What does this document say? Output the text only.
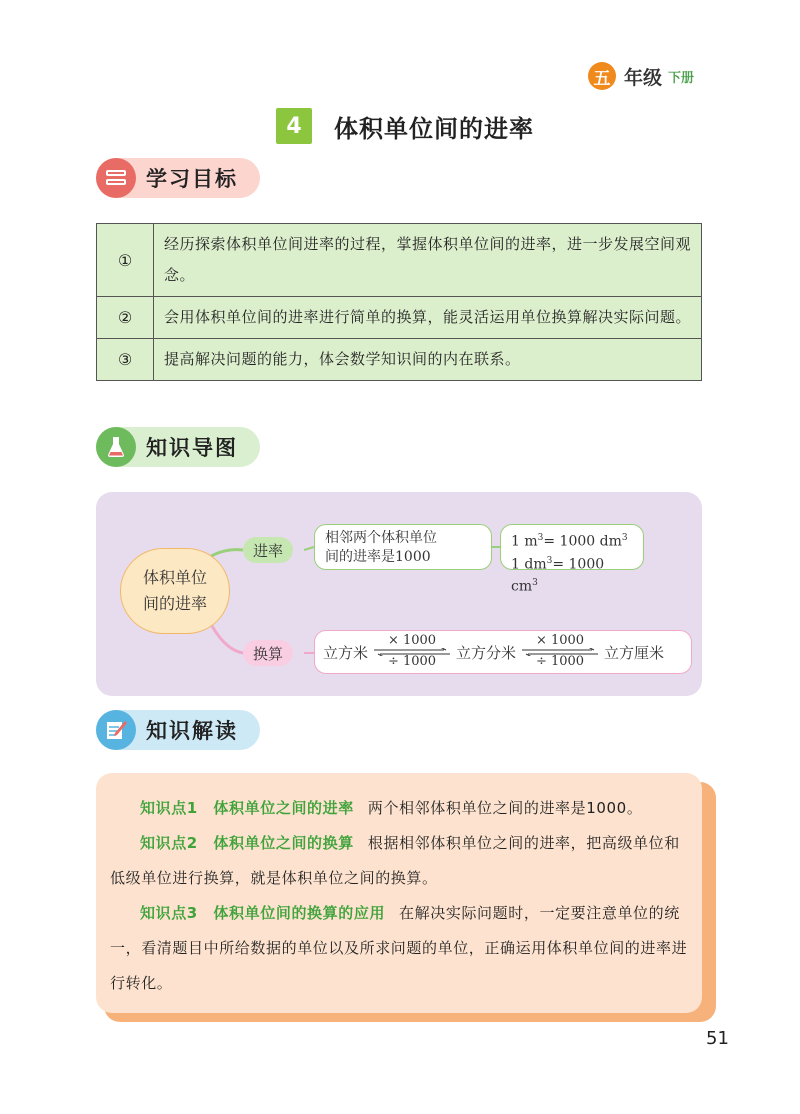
五 年级 下册
4	体积单位间的进率
学习目标
①	经历探索体积单位间进率的过程，掌握体积单位间的进率，进一步发展空间观念。
②	会用体积单位间的进率进行简单的换算，能灵活运用单位换算解决实际问题。
③	提高解决问题的能力，体会数学知识间的内在联系。
知识导图
体积单位
间的进率
进率
换算
相邻两个体积单位
间的进率是1000
1 $m^3= 1000$ $dm^3$
1 $dm^3= 1000$ $cm^3$
立方米
× 1000
÷ 1000	立方分米
× 1000
÷ 1000	立方厘米
知识解读

知识点1　体积单位之间的进率 两个相邻体积单位之间的进率是1000。

知识点2　体积单位之间的换算 根据相邻体积单位之间的进率，把高级单位和低级单位进行换算，就是体积单位之间的换算。

知识点3　体积单位间的换算的应用 在解决实际问题时，一定要注意单位的统一，看清题目中所给数据的单位以及所求问题的单位，正确运用体积单位间的进率进行转化。

51
